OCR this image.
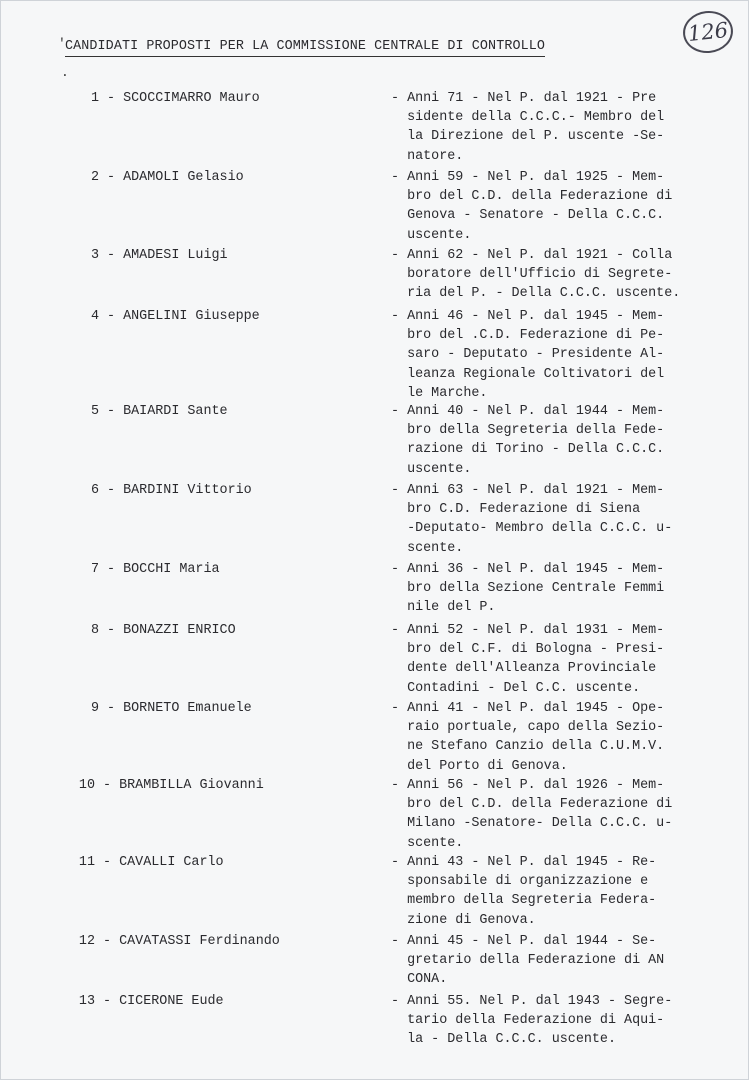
126
'
.
CANDIDATI PROPOSTI PER LA COMMISSIONE CENTRALE DI CONTROLLO
1 - SCOCCIMARRO Mauro	- Anni 71 - Nel P. dal 1921 - Pre
sidente della C.C.C.- Membro del
la Direzione del P. uscente -Se-
natore.
2 - ADAMOLI Gelasio	- Anni 59 - Nel P. dal 1925 - Mem-
bro del C.D. della Federazione di
Genova - Senatore - Della C.C.C.
uscente.
3 - AMADESI Luigi	- Anni 62 - Nel P. dal 1921 - Colla
boratore dell'Ufficio di Segrete-
ria del P. - Della C.C.C. uscente.
4 - ANGELINI Giuseppe	- Anni 46 - Nel P. dal 1945 - Mem-
bro del .C.D. Federazione di Pe-
saro - Deputato - Presidente Al-
leanza Regionale Coltivatori del
le Marche.
5 - BAIARDI Sante	- Anni 40 - Nel P. dal 1944 - Mem-
bro della Segreteria della Fede-
razione di Torino - Della C.C.C.
uscente.
6 - BARDINI Vittorio	- Anni 63 - Nel P. dal 1921 - Mem-
bro C.D. Federazione di Siena
-Deputato- Membro della C.C.C. u-
scente.
7 - BOCCHI Maria	- Anni 36 - Nel P. dal 1945 - Mem-
bro della Sezione Centrale Femmi
nile del P.
8 - BONAZZI ENRICO	- Anni 52 - Nel P. dal 1931 - Mem-
bro del C.F. di Bologna - Presi-
dente dell'Alleanza Provinciale
Contadini - Del C.C. uscente.
9 - BORNETO Emanuele	- Anni 41 - Nel P. dal 1945 - Ope-
raio portuale, capo della Sezio-
ne Stefano Canzio della C.U.M.V.
del Porto di Genova.
10 - BRAMBILLA Giovanni	- Anni 56 - Nel P. dal 1926 - Mem-
bro del C.D. della Federazione di
Milano -Senatore- Della C.C.C. u-
scente.
11 - CAVALLI Carlo	- Anni 43 - Nel P. dal 1945 - Re-
sponsabile di organizzazione e
membro della Segreteria Federa-
zione di Genova.
12 - CAVATASSI Ferdinando	- Anni 45 - Nel P. dal 1944 - Se-
gretario della Federazione di AN
CONA.
13 - CICERONE Eude	- Anni 55. Nel P. dal 1943 - Segre-
tario della Federazione di Aqui-
la - Della C.C.C. uscente.
